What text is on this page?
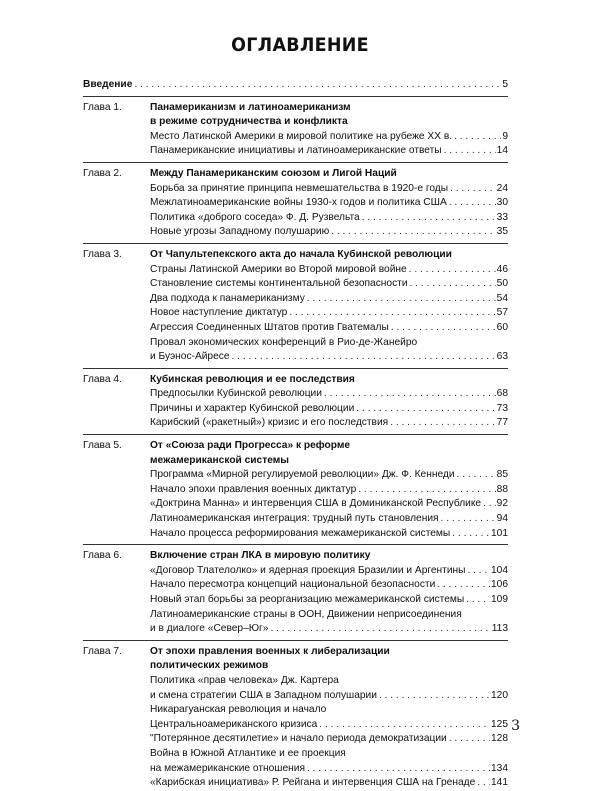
ОГЛАВЛЕНИЕ
Введение . . .	5
Глава 1.	Панамериканизм и латиноамериканизм
в режиме сотрудничества и конфликта
Место Латинской Америки в мировой политике на рубеже XX в. . . .	9
Панамериканские инициативы и латиноамериканские ответы . . .	14
Глава 2.	Между Панамериканским союзом и Лигой Наций
Борьба за принятие принципа невмешательства в 1920-е годы . . .	24
Межлатиноамериканские войны 1930-х годов и политика США . . .	30
Политика «доброго соседа» Ф. Д. Рузвельта . . .	33
Новые угрозы Западному полушарию . . .	35
Глава 3.	От Чапультепекского акта до начала Кубинской революции
Страны Латинской Америки во Второй мировой войне . . .	46
Становление системы континентальной безопасности . . .	50
Два подхода к панамериканизму . . .	54
Новое наступление диктатур . . .	57
Агрессия Соединенных Штатов против Гватемалы . . .	60
Провал экономических конференций в Рио-де-Жанейро
и Буэнос-Айресе . . .	63
Глава 4.	Кубинская революция и ее последствия
Предпосылки Кубинской революции . . .	68
Причины и характер Кубинской революции . . .	73
Карибский («ракетный») кризис и его последствия . . .	77
Глава 5.	От «Союза ради Прогресса» к реформе
межамериканской системы
Программа «Мирной регулируемой революции» Дж. Ф. Кеннеди . . .	85
Начало эпохи правления военных диктатур . . .	88
«Доктрина Манна» и интервенция США в Доминиканской Республике . . . 92
Латиноамериканская интеграция: трудный путь становления . . .	94
Начало процесса реформирования межамериканской системы . . .	101
Глава 6.	Включение стран ЛКА в мировую политику
«Договор Тлателолко» и ядерная проекция Бразилии и Аргентины . . .	104
Начало пересмотра концепций национальной безопасности . . .	106
Новый этап борьбы за реорганизацию межамериканской системы . . .	109
Латиноамериканские страны в ООН, Движении неприсоединения
и в диалоге «Север–Юг» . . .	113
Глава 7.	От эпохи правления военных к либерализации
политических режимов
Политика «прав человека» Дж. Картера
и смена стратегии США в Западном полушарии . . .	120
Никарагуанская революция и начало
Центральноамериканского кризиса . . .	125
"Потерянное десятилетие» и начало периода демократизации . . .	128
Война в Южной Атлантике и ее проекция
на межамериканские отношения . . .	134
«Карибская инициатива» Р. Рейгана и интервенция США на Гренаде . . . 141
3
